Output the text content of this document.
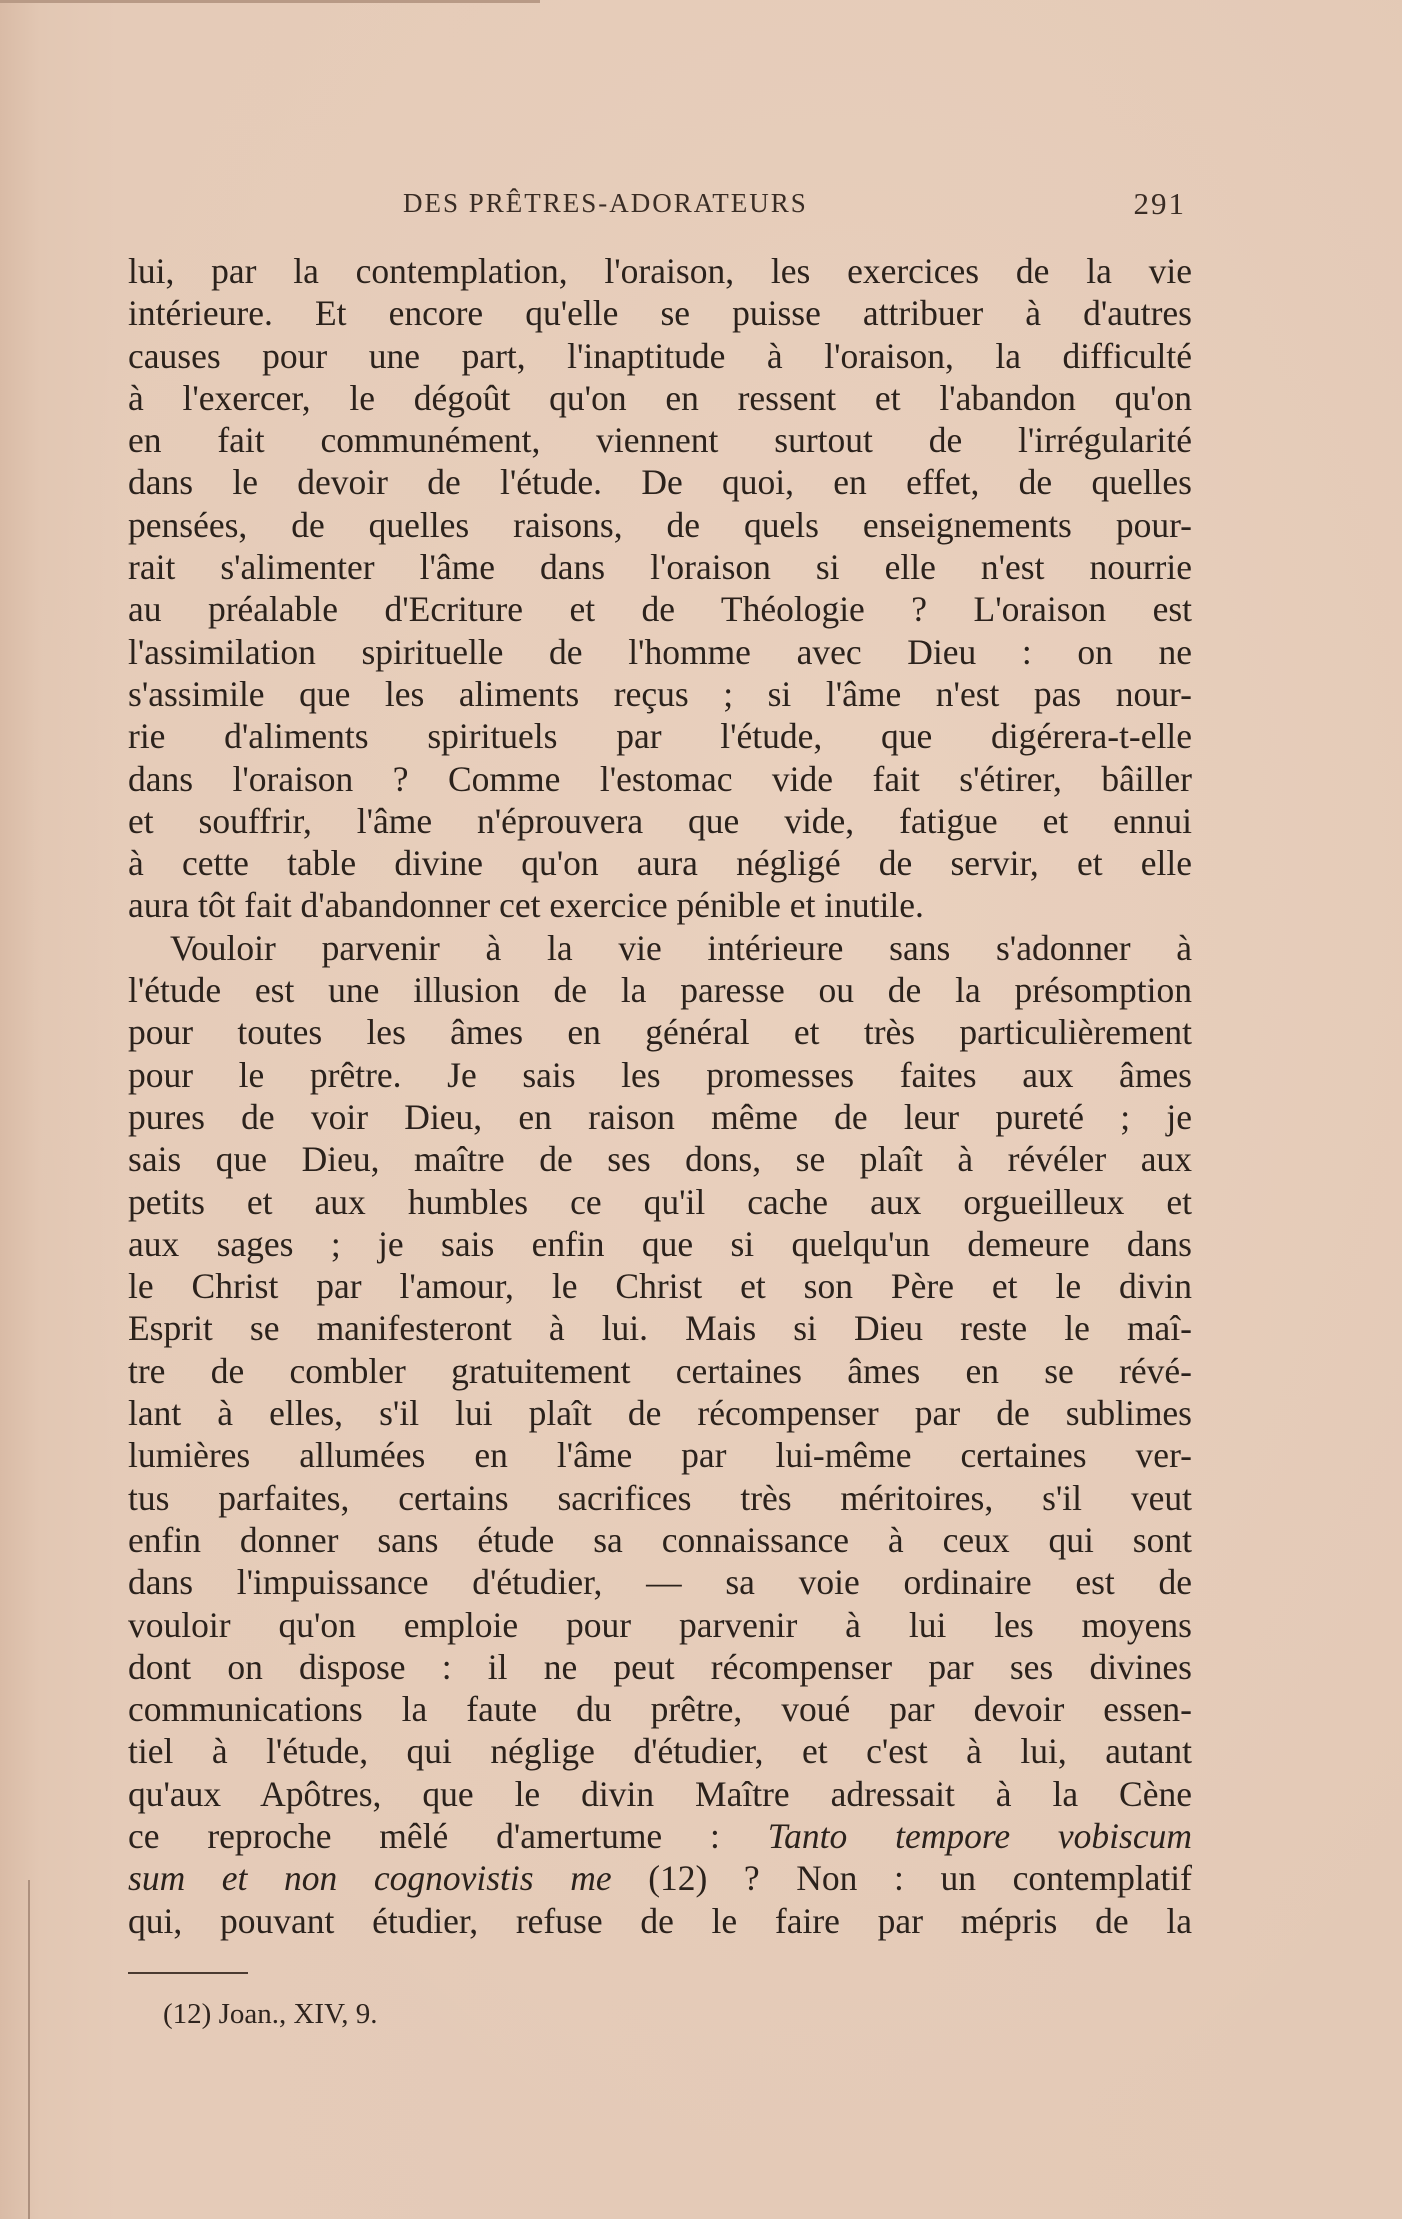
DES PRÊTRES-ADORATEURS	291
lui, par la contemplation, l'oraison, les exercices de la vie
intérieure. Et encore qu'elle se puisse attribuer à d'autres
causes pour une part, l'inaptitude à l'oraison, la difficulté
à l'exercer, le dégoût qu'on en ressent et l'abandon qu'on
en fait communément, viennent surtout de l'irrégularité
dans le devoir de l'étude. De quoi, en effet, de quelles
pensées, de quelles raisons, de quels enseignements pour-
rait s'alimenter l'âme dans l'oraison si elle n'est nourrie
au préalable d'Ecriture et de Théologie ? L'oraison est
l'assimilation spirituelle de l'homme avec Dieu : on ne
s'assimile que les aliments reçus ; si l'âme n'est pas nour-
rie d'aliments spirituels par l'étude, que digérera-t-elle
dans l'oraison ? Comme l'estomac vide fait s'étirer, bâiller
et souffrir, l'âme n'éprouvera que vide, fatigue et ennui
à cette table divine qu'on aura négligé de servir, et elle
aura tôt fait d'abandonner cet exercice pénible et inutile.
Vouloir parvenir à la vie intérieure sans s'adonner à
l'étude est une illusion de la paresse ou de la présomption
pour toutes les âmes en général et très particulièrement
pour le prêtre. Je sais les promesses faites aux âmes
pures de voir Dieu, en raison même de leur pureté ; je
sais que Dieu, maître de ses dons, se plaît à révéler aux
petits et aux humbles ce qu'il cache aux orgueilleux et
aux sages ; je sais enfin que si quelqu'un demeure dans
le Christ par l'amour, le Christ et son Père et le divin
Esprit se manifesteront à lui. Mais si Dieu reste le maî-
tre de combler gratuitement certaines âmes en se révé-
lant à elles, s'il lui plaît de récompenser par de sublimes
lumières allumées en l'âme par lui-même certaines ver-
tus parfaites, certains sacrifices très méritoires, s'il veut
enfin donner sans étude sa connaissance à ceux qui sont
dans l'impuissance d'étudier, — sa voie ordinaire est de
vouloir qu'on emploie pour parvenir à lui les moyens
dont on dispose : il ne peut récompenser par ses divines
communications la faute du prêtre, voué par devoir essen-
tiel à l'étude, qui néglige d'étudier, et c'est à lui, autant
qu'aux Apôtres, que le divin Maître adressait à la Cène
ce reproche mêlé d'amertume : Tanto tempore vobiscum
sum et non cognovistis me (12) ? Non : un contemplatif
qui, pouvant étudier, refuse de le faire par mépris de la
(12) Joan., XIV, 9.
